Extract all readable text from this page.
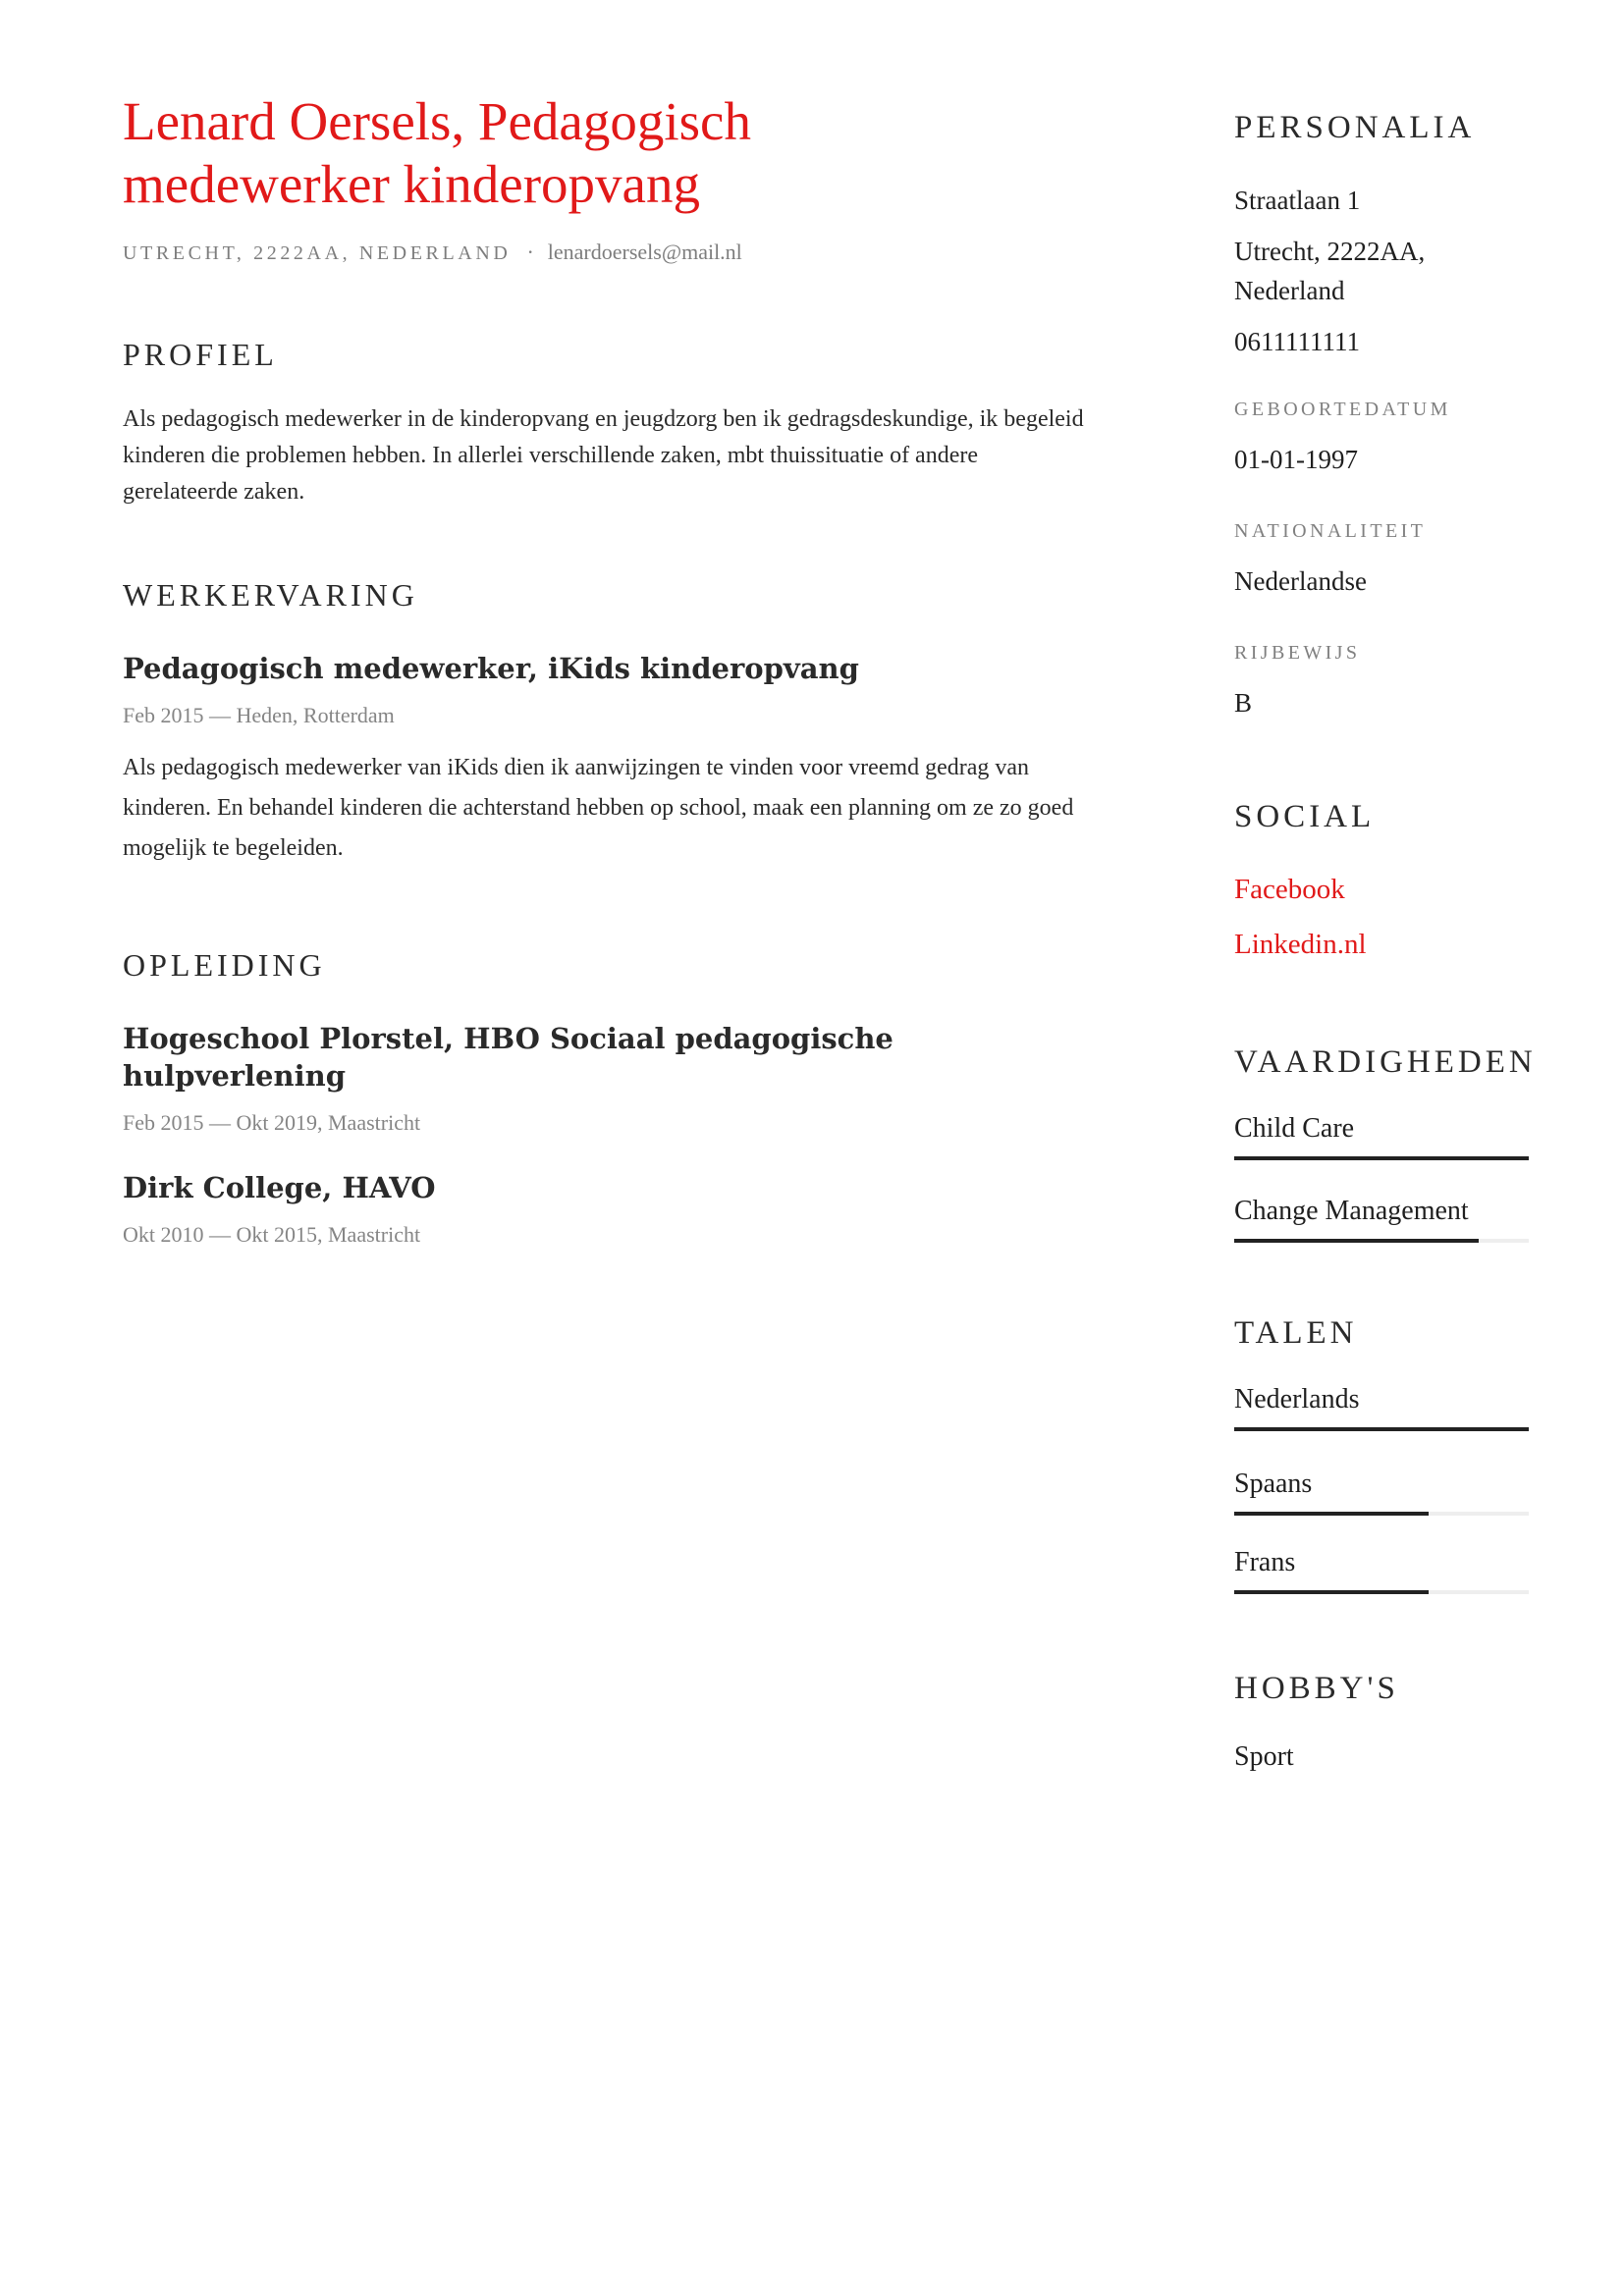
Lenard Oersels, Pedagogisch medewerker kinderopvang
UTRECHT, 2222AA, NEDERLAND · lenardoersels@mail.nl
PROFIEL

Als pedagogisch medewerker in de kinderopvang en jeugdzorg ben ik gedragsdeskundige, ik begeleid kinderen die problemen hebben. In allerlei verschillende zaken, mbt thuissituatie of andere gerelateerde zaken.

WERKERVARING
Pedagogisch medewerker, iKids kinderopvang
Feb 2015 — Heden, Rotterdam

Als pedagogisch medewerker van iKids dien ik aanwijzingen te vinden voor vreemd gedrag van kinderen. En behandel kinderen die achterstand hebben op school, maak een planning om ze zo goed mogelijk te begeleiden.

OPLEIDING
Hogeschool Plorstel, HBO Sociaal pedagogische hulpverlening
Feb 2015 — Okt 2019, Maastricht
Dirk College, HAVO
Okt 2010 — Okt 2015, Maastricht
PERSONALIA
Straatlaan 1
Utrecht, 2222AA, Nederland
0611111111
GEBOORTEDATUM
01-01-1997
NATIONALITEIT
Nederlandse
RIJBEWIJS
B
SOCIAL
Facebook
Linkedin.nl
VAARDIGHEDEN
Child Care
Change Management
TALEN
Nederlands
Spaans
Frans
HOBBY'S
Sport
